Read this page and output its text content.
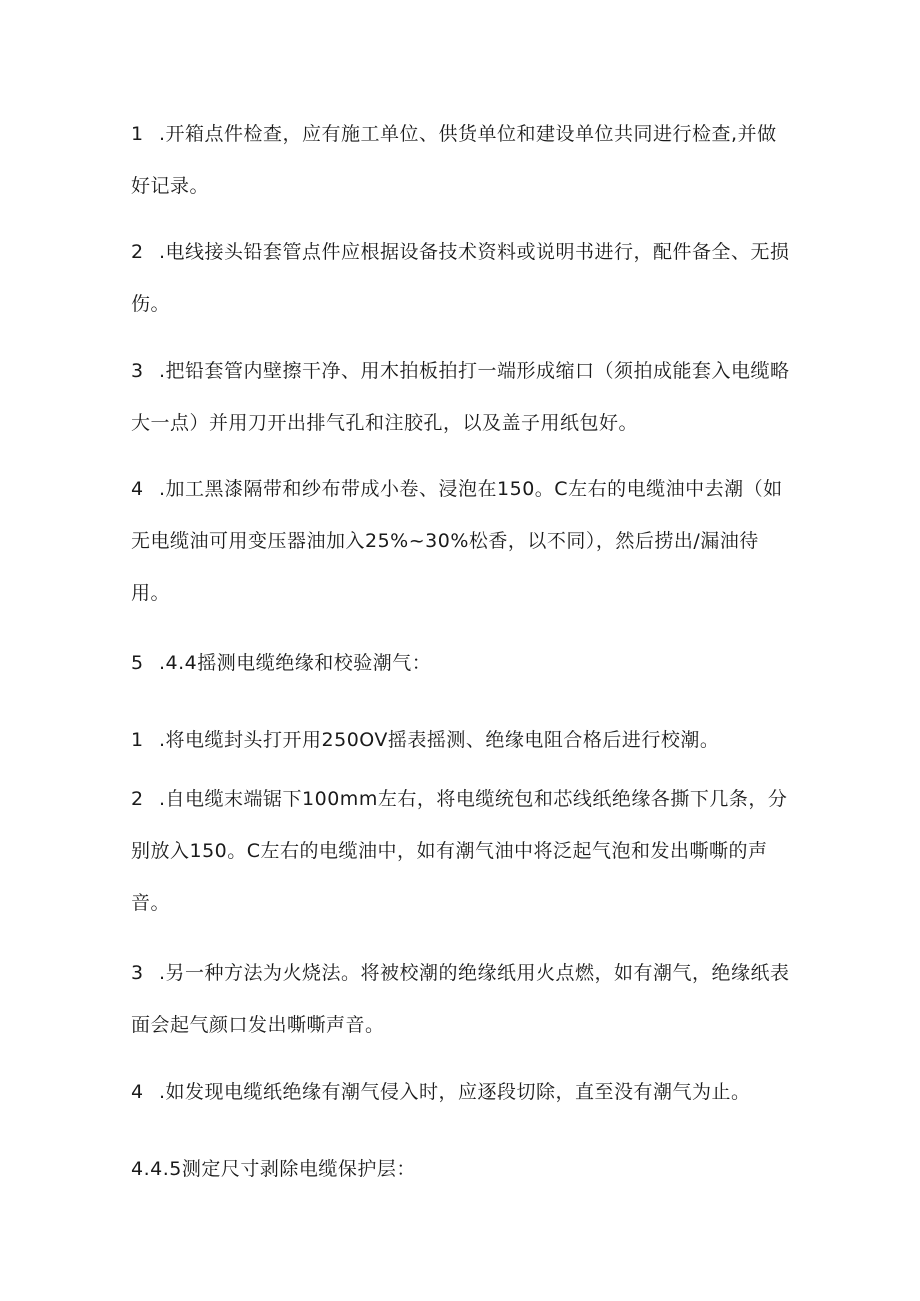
1 .开箱点件检查，应有施工单位、供货单位和建设单位共同进行检查,并做好记录。

2 .电线接头铅套管点件应根据设备技术资料或说明书进行，配件备全、无损伤。

3 .把铅套管内壁擦干净、用木拍板拍打一端形成缩口（须拍成能套入电缆略大一点）并用刀开出排气孔和注胶孔，以及盖子用纸包好。

4 .加工黑漆隔带和纱布带成小卷、浸泡在150。C左右的电缆油中去潮（如无电缆油可用变压器油加入25%~30%松香，以不同），然后捞出/漏油待用。

5 .4.4摇测电缆绝缘和校验潮气：

1 .将电缆封头打开用250OV摇表摇测、绝缘电阻合格后进行校潮。

2 .自电缆末端锯下100mm左右，将电缆统包和芯线纸绝缘各撕下几条，分别放入150。C左右的电缆油中，如有潮气油中将泛起气泡和发出嘶嘶的声音。

3 .另一种方法为火烧法。将被校潮的绝缘纸用火点燃，如有潮气，绝缘纸表面会起气颜口发出嘶嘶声音。

4 .如发现电缆纸绝缘有潮气侵入时，应逐段切除，直至没有潮气为止。

4.4.5测定尺寸剥除电缆保护层：
